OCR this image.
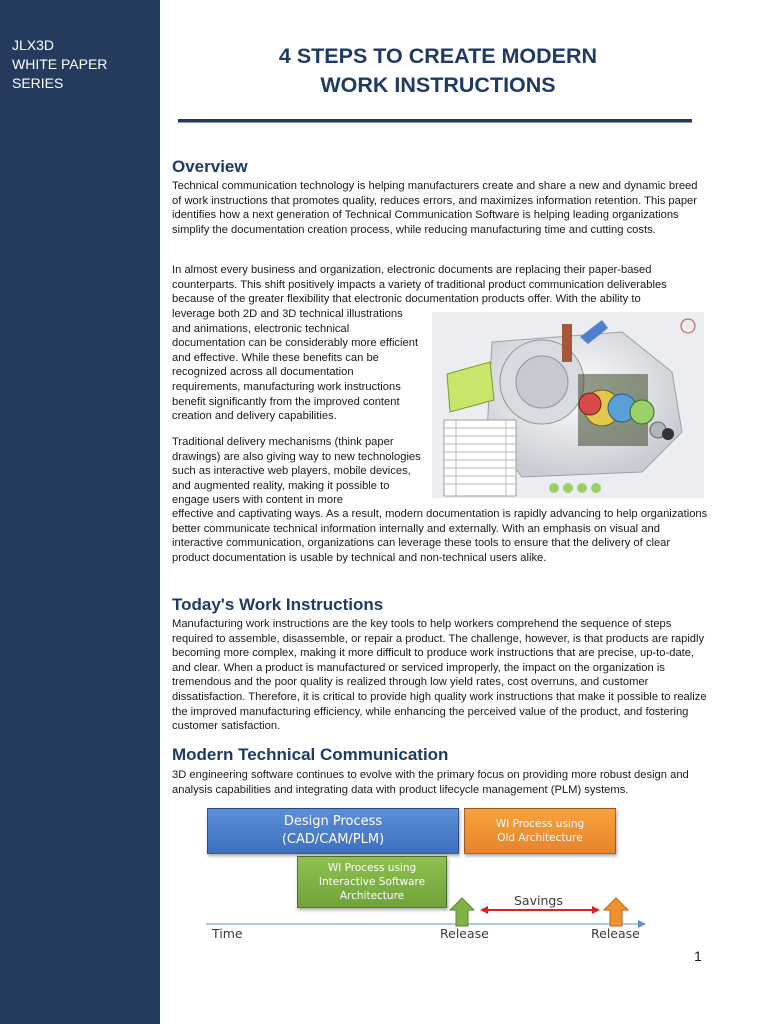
JLX3D
WHITE PAPER
SERIES
4 STEPS TO CREATE MODERN
WORK INSTRUCTIONS
Overview

Technical communication technology is helping manufacturers create and share a new and dynamic breed of work instructions that promotes quality, reduces errors, and maximizes information retention. This paper identifies how a next generation of Technical Communication Software is helping leading organizations simplify the documentation creation process, while reducing manufacturing time and cutting costs.

In almost every business and organization, electronic documents are replacing their paper-based counterparts. This shift positively impacts a variety of traditional product communication deliverables because of the greater flexibility that electronic documentation products offer. With the ability to

leverage both 2D and 3D technical illustrations and animations, electronic technical documentation can be considerably more efficient and effective. While these benefits can be recognized across all documentation requirements, manufacturing work instructions benefit significantly from the improved content creation and delivery capabilities.

Traditional delivery mechanisms (think paper drawings) are also giving way to new technologies such as interactive web players, mobile devices, and augmented reality, making it possible to engage users with content in more

effective and captivating ways. As a result, modern documentation is rapidly advancing to help organizations better communicate technical information internally and externally. With an emphasis on visual and interactive communication, organizations can leverage these tools to ensure that the delivery of clear product documentation is usable by technical and non-technical users alike.

Today's Work Instructions

Manufacturing work instructions are the key tools to help workers comprehend the sequence of steps required to assemble, disassemble, or repair a product. The challenge, however, is that products are rapidly becoming more complex, making it more difficult to produce work instructions that are precise, up-to-date, and clear. When a product is manufactured or serviced improperly, the impact on the organization is tremendous and the poor quality is realized through low yield rates, cost overruns, and customer dissatisfaction. Therefore, it is critical to provide high quality work instructions that make it possible to realize the improved manufacturing efficiency, while enhancing the perceived value of the product, and fostering customer satisfaction.

Modern Technical Communication

3D engineering software continues to evolve with the primary focus on providing more robust design and analysis capabilities and integrating data with product lifecycle management (PLM) systems.

Design Process
(CAD/CAM/PLM)
WI Process using
Old Architecture
WI Process using
Interactive Software
Architecture	Savings
Time	Release	Release
1
